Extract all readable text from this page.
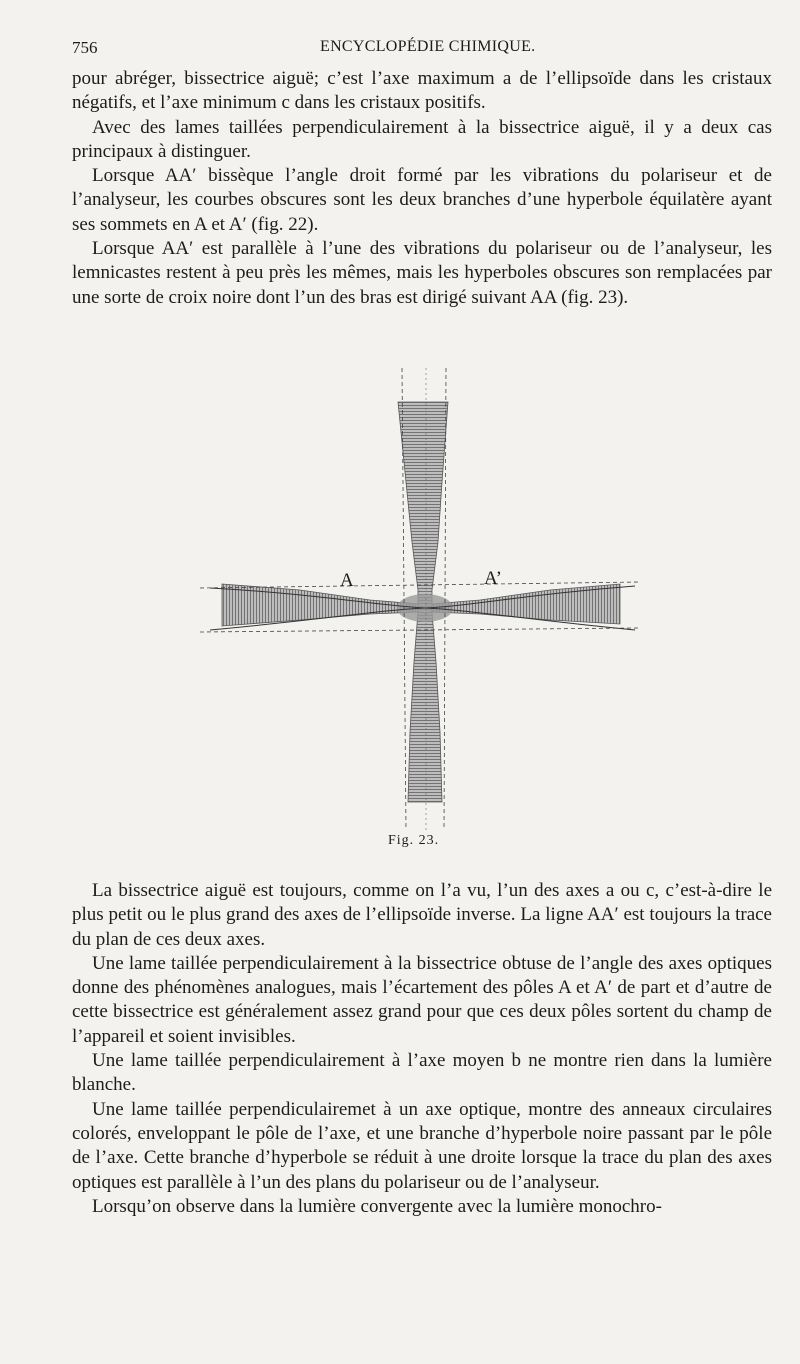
756	ENCYCLOPÉDIE CHIMIQUE.

pour abréger, bissectrice aiguë; c’est l’axe maximum a de l’ellipsoïde dans les cristaux négatifs, et l’axe minimum c dans les cristaux positifs.

Avec des lames taillées perpendiculairement à la bissectrice aiguë, il y a deux cas principaux à distinguer.

Lorsque AA′ bissèque l’angle droit formé par les vibrations du polariseur et de l’analyseur, les courbes obscures sont les deux branches d’une hyperbole équilatère ayant ses sommets en A et A′ (fig. 22).

Lorsque AA′ est parallèle à l’une des vibrations du polariseur ou de l’analyseur, les lemnicastes restent à peu près les mêmes, mais les hyperboles obscures son remplacées par une sorte de croix noire dont l’un des bras est dirigé suivant AA (fig. 23).

A	A’
Fig. 23.

La bissectrice aiguë est toujours, comme on l’a vu, l’un des axes a ou c, c’est-à-dire le plus petit ou le plus grand des axes de l’ellipsoïde inverse. La ligne AA′ est toujours la trace du plan de ces deux axes.

Une lame taillée perpendiculairement à la bissectrice obtuse de l’angle des axes optiques donne des phénomènes analogues, mais l’écartement des pôles A et A′ de part et d’autre de cette bissectrice est généralement assez grand pour que ces deux pôles sortent du champ de l’appareil et soient invisibles.

Une lame taillée perpendiculairement à l’axe moyen b ne montre rien dans la lumière blanche.

Une lame taillée perpendiculairemet à un axe optique, montre des anneaux circulaires colorés, enveloppant le pôle de l’axe, et une branche d’hyperbole noire passant par le pôle de l’axe. Cette branche d’hyperbole se réduit à une droite lorsque la trace du plan des axes optiques est parallèle à l’un des plans du polariseur ou de l’analyseur.

Lorsqu’on observe dans la lumière convergente avec la lumière monochro-
